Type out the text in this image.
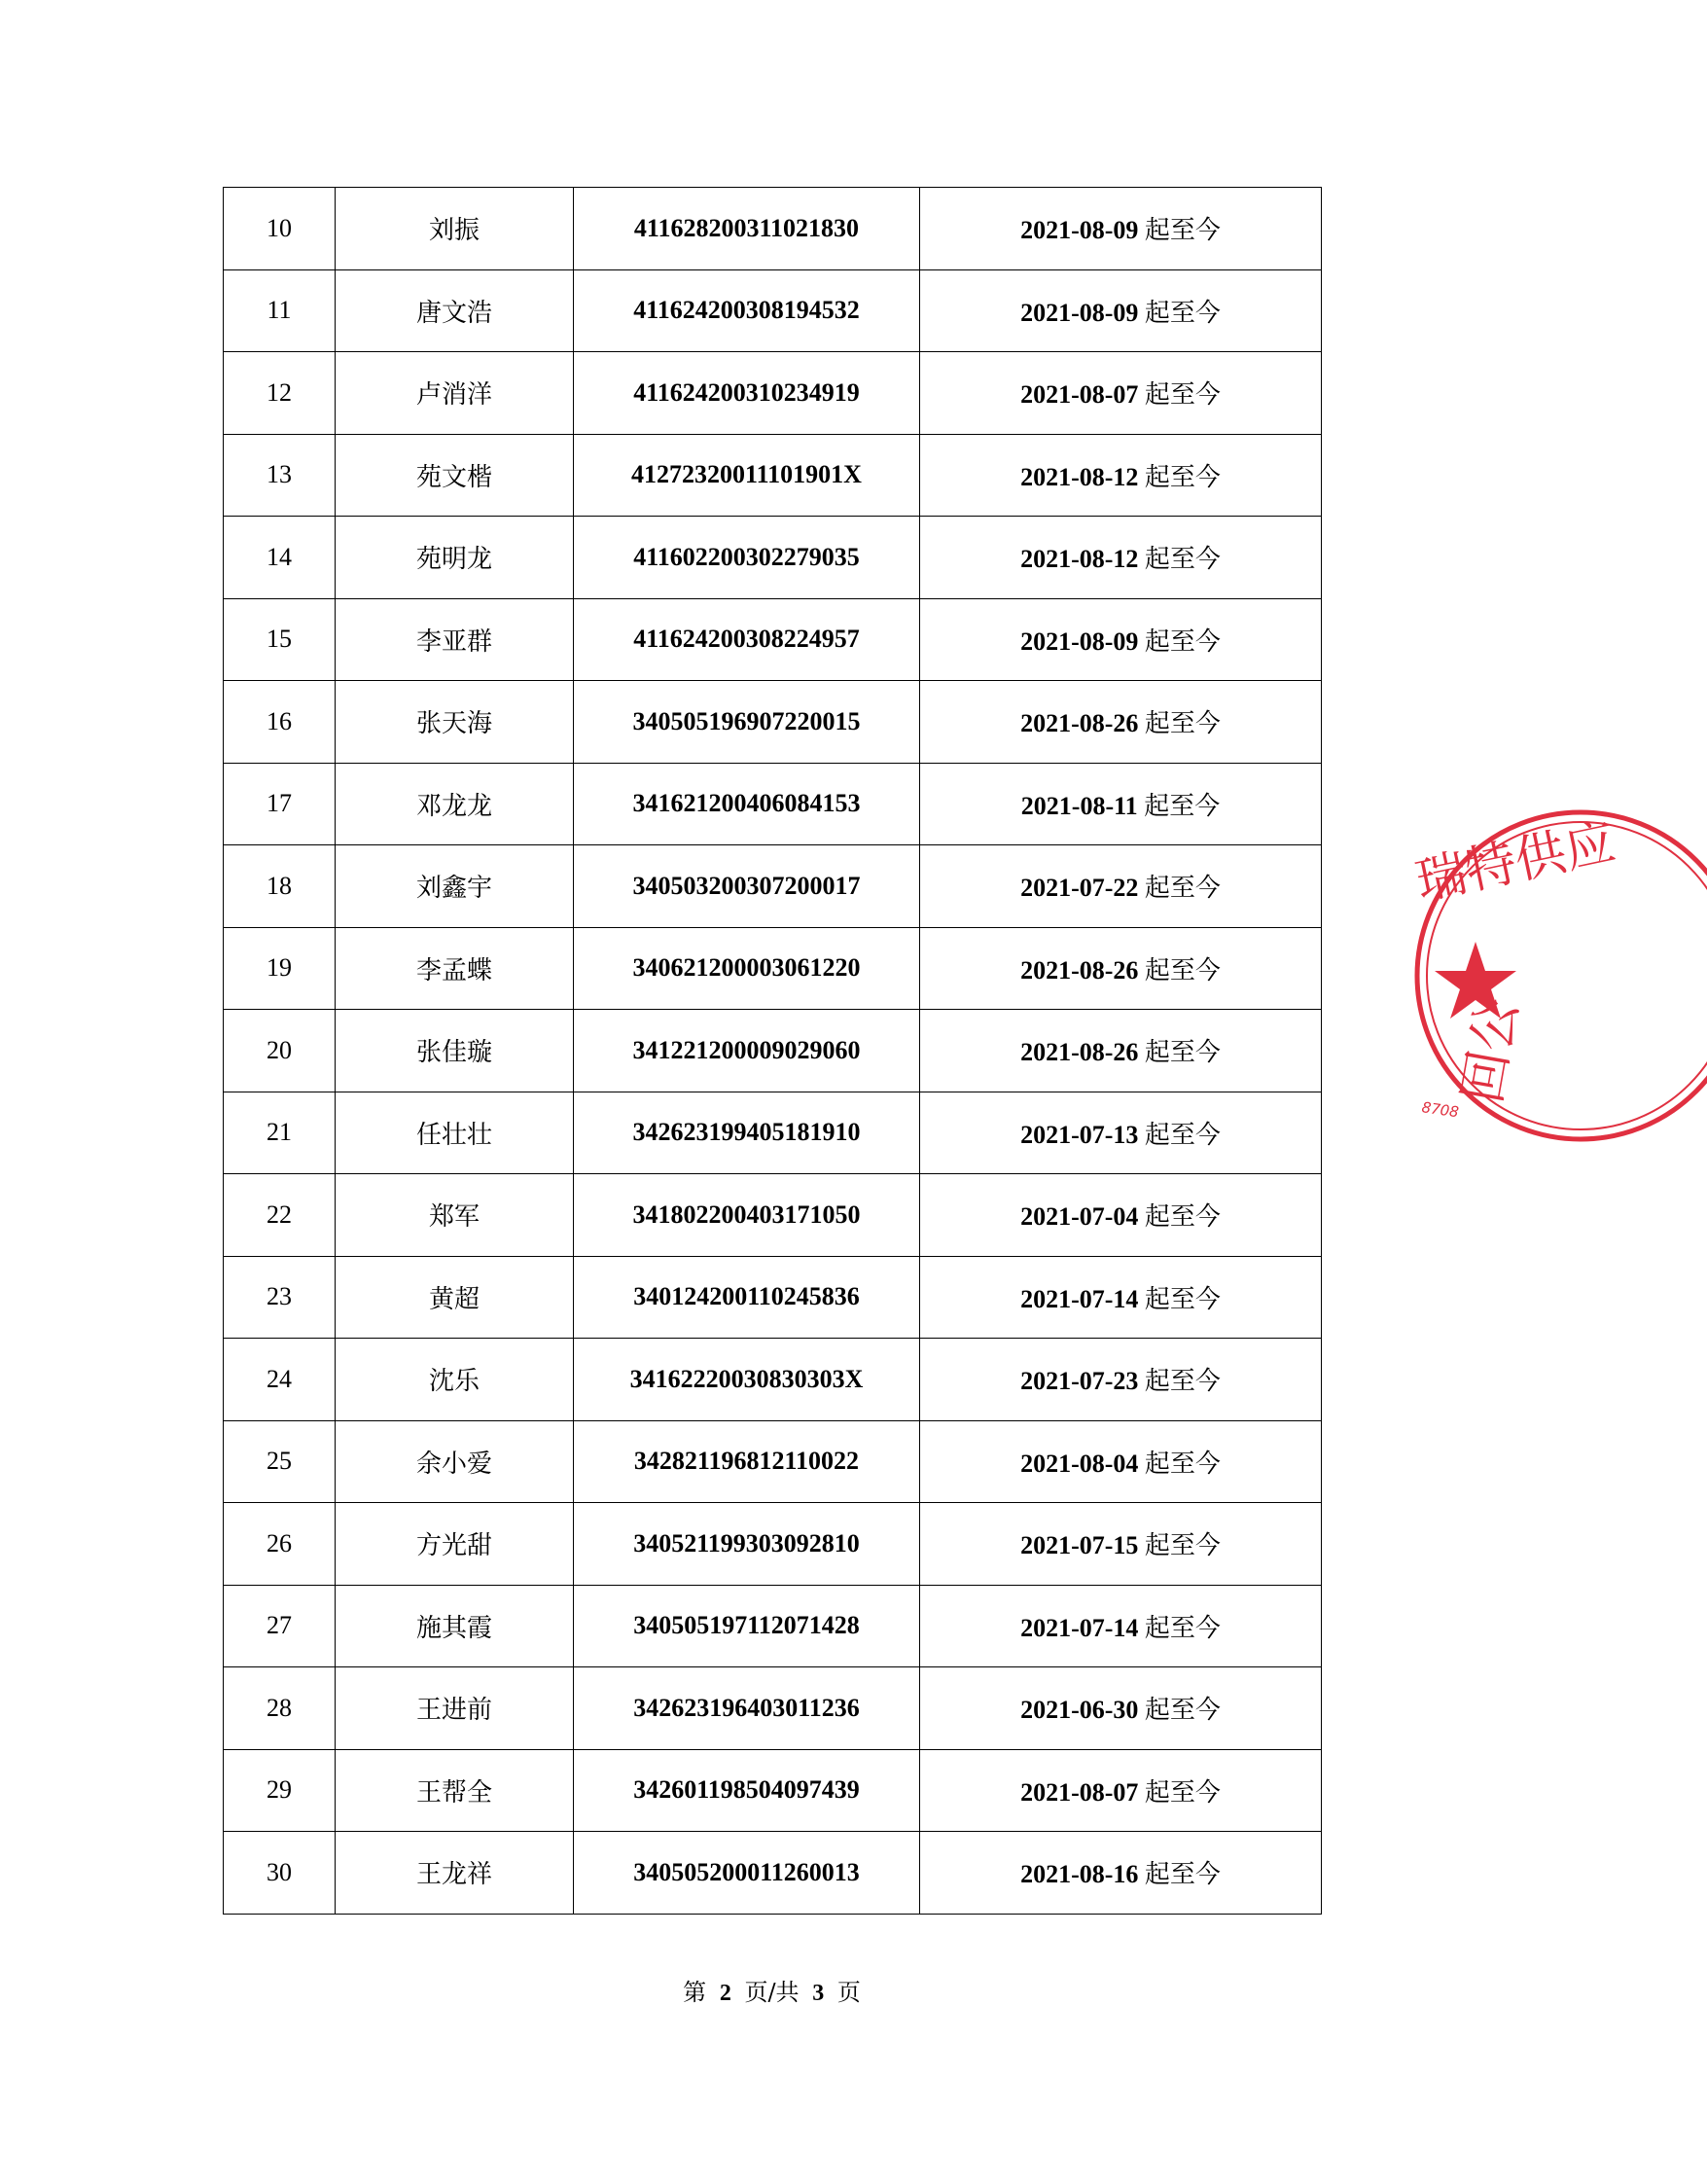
10	刘振	411628200311021830	2021-08-09 起至今
11	唐文浩	411624200308194532	2021-08-09 起至今
12	卢消洋	411624200310234919	2021-08-07 起至今
13	苑文楷	41272320011101901X	2021-08-12 起至今
14	苑明龙	411602200302279035	2021-08-12 起至今
15	李亚群	411624200308224957	2021-08-09 起至今
16	张天海	340505196907220015	2021-08-26 起至今
17	邓龙龙	341621200406084153	2021-08-11 起至今
18	刘鑫宇	340503200307200017	2021-07-22 起至今
19	李孟蝶	340621200003061220	2021-08-26 起至今
20	张佳璇	341221200009029060	2021-08-26 起至今
21	任壮壮	342623199405181910	2021-07-13 起至今
22	郑军	341802200403171050	2021-07-04 起至今
23	黄超	340124200110245836	2021-07-14 起至今
24	沈乐	34162220030830303X	2021-07-23 起至今
25	余小爱	342821196812110022	2021-08-04 起至今
26	方光甜	340521199303092810	2021-07-15 起至今
27	施其霞	340505197112071428	2021-07-14 起至今
28	王进前	342623196403011236	2021-06-30 起至今
29	王帮全	342601198504097439	2021-08-07 起至今
30	王龙祥	340505200011260013	2021-08-16 起至今
第 2 页/共 3 页
瑞特供应
回公
8708
